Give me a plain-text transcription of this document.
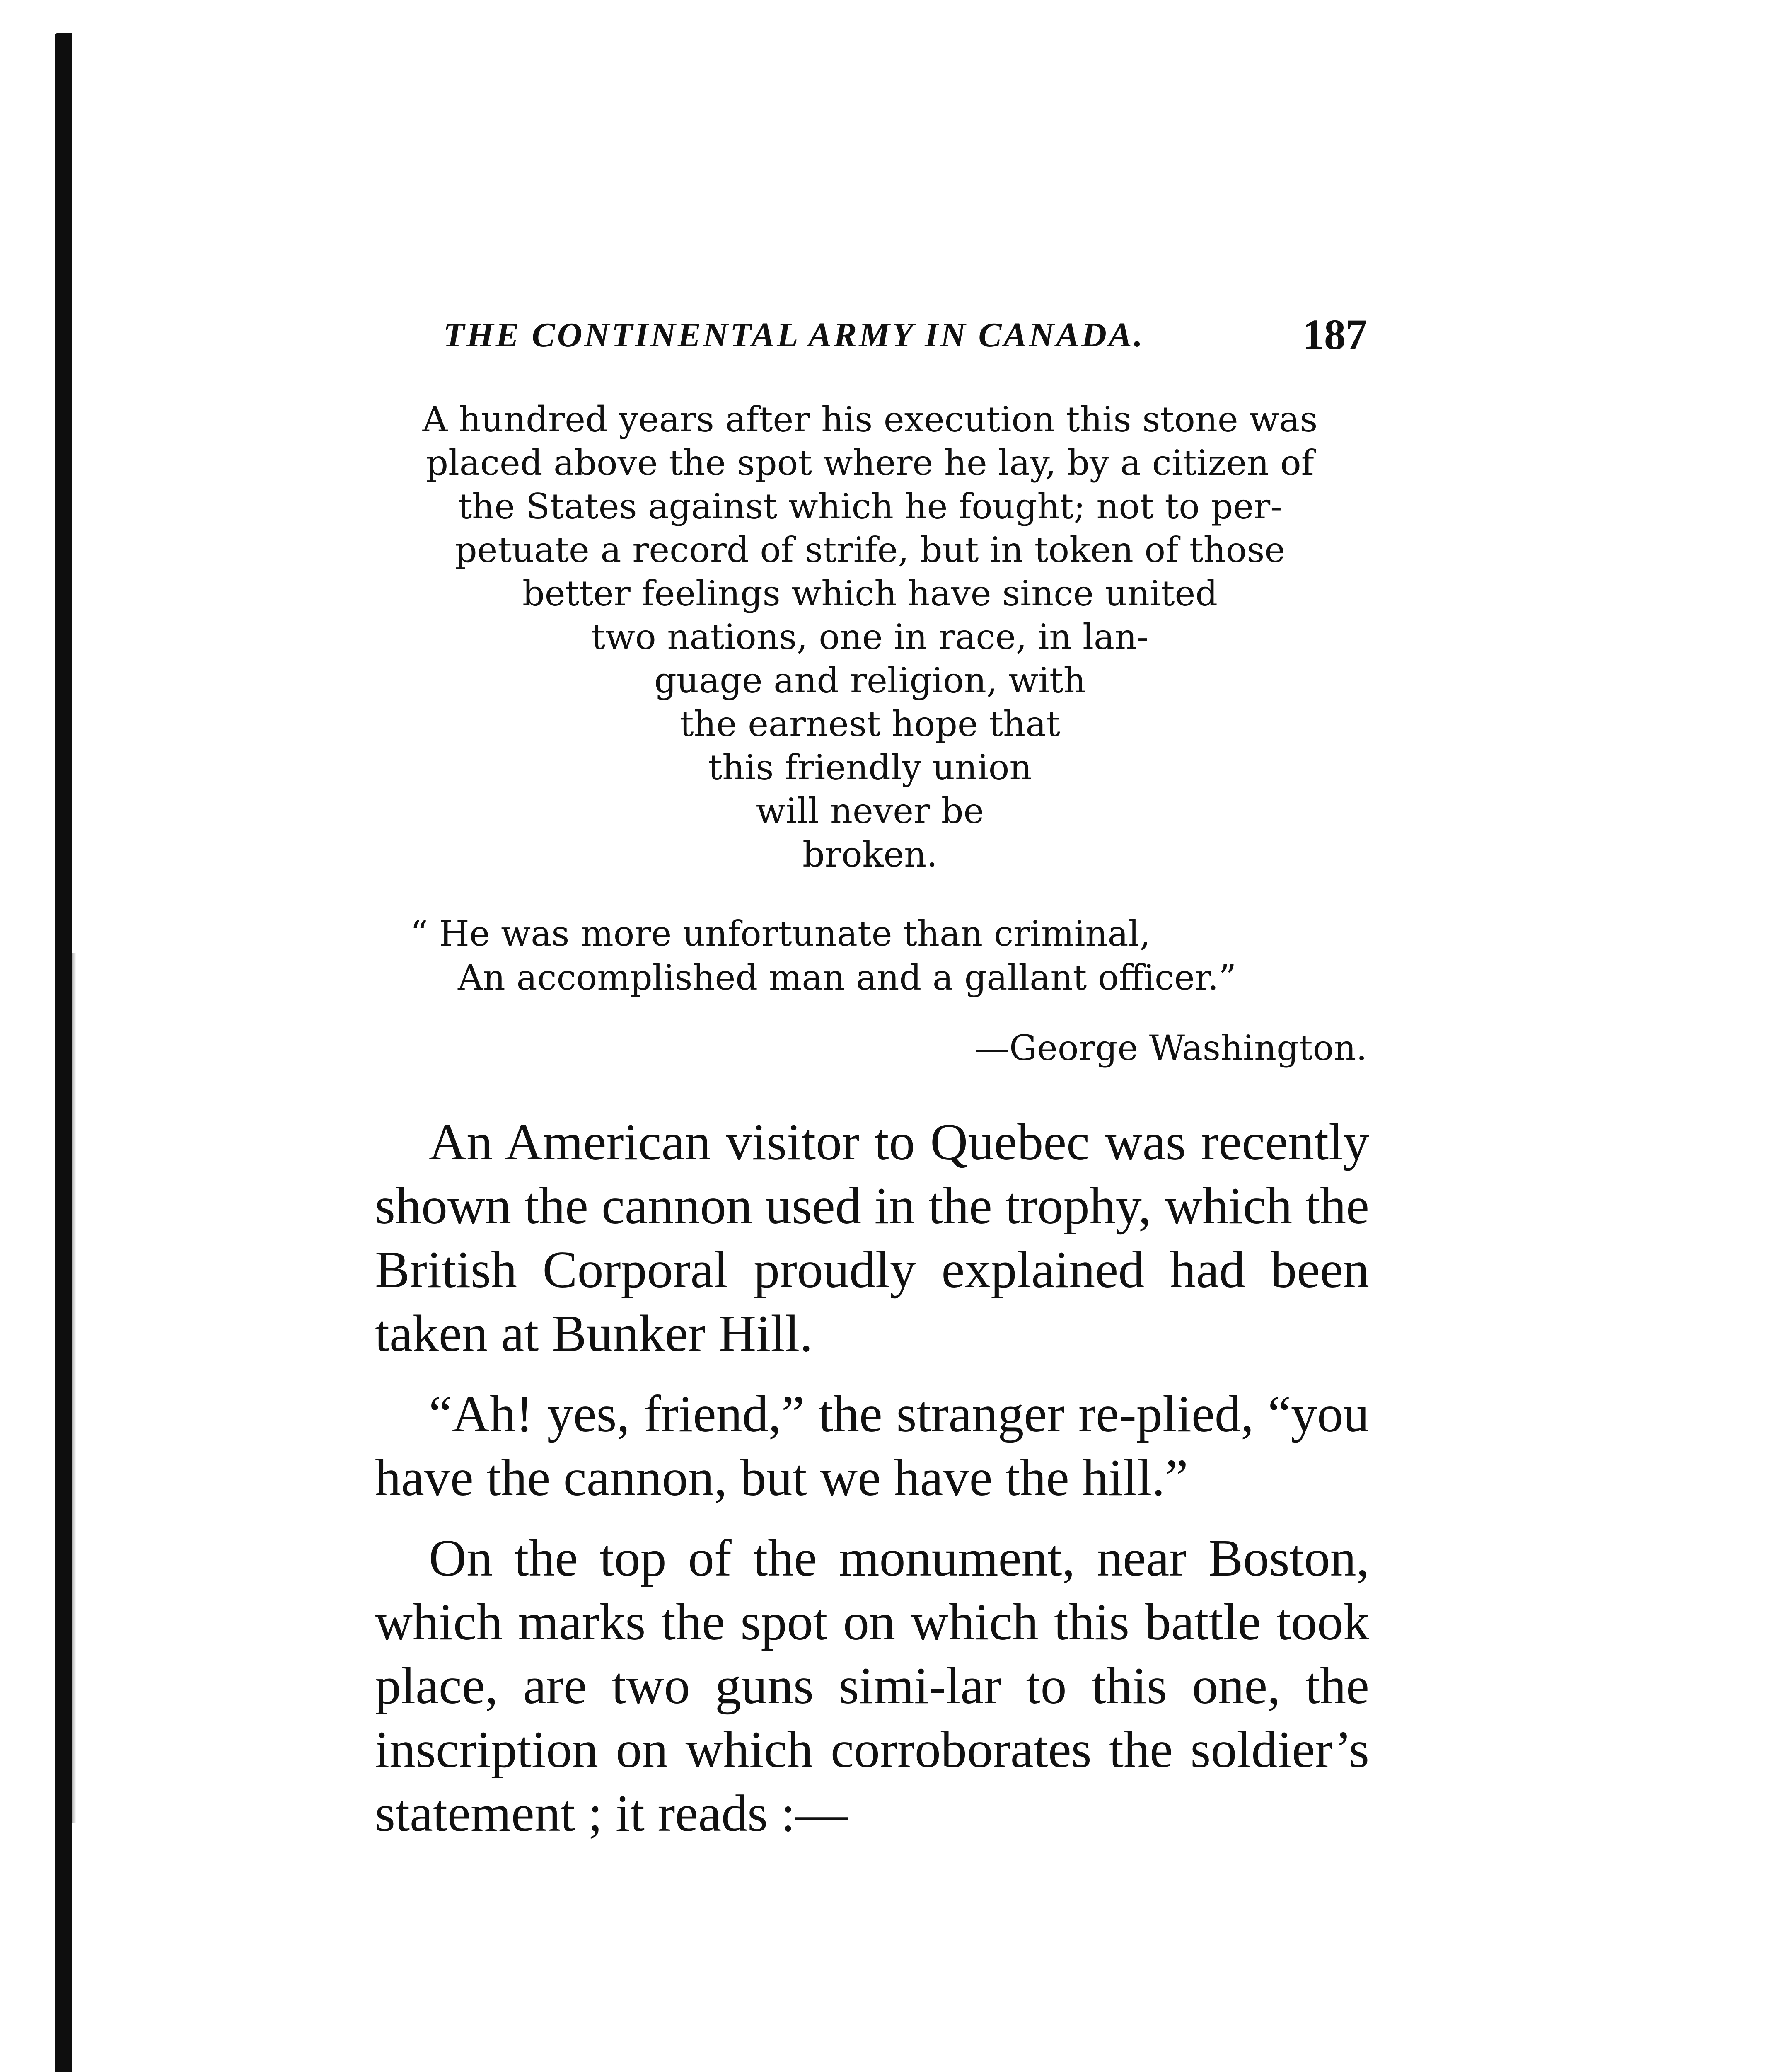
THE CONTINENTAL ARMY IN CANADA.	187
A hundred years after his execution this stone was
placed above the spot where he lay, by a citizen of
the States against which he fought; not to per-
petuate a record of strife, but in token of those
better feelings which have since united
two nations, one in race, in lan-
guage and religion, with
the earnest hope that
this friendly union
will never be
broken.
“ He was more unfortunate than criminal,
An accomplished man and a gallant officer.”
—George Washington.

An American visitor to Quebec was recently shown the cannon used in the trophy, which the British Corporal proudly explained had been taken at Bunker Hill.

“Ah! yes, friend,” the stranger re-plied, “you have the cannon, but we have the hill.”

On the top of the monument, near Boston, which marks the spot on which this battle took place, are two guns simi-lar to this one, the inscription on which corroborates the soldier’s statement ; it reads :—
